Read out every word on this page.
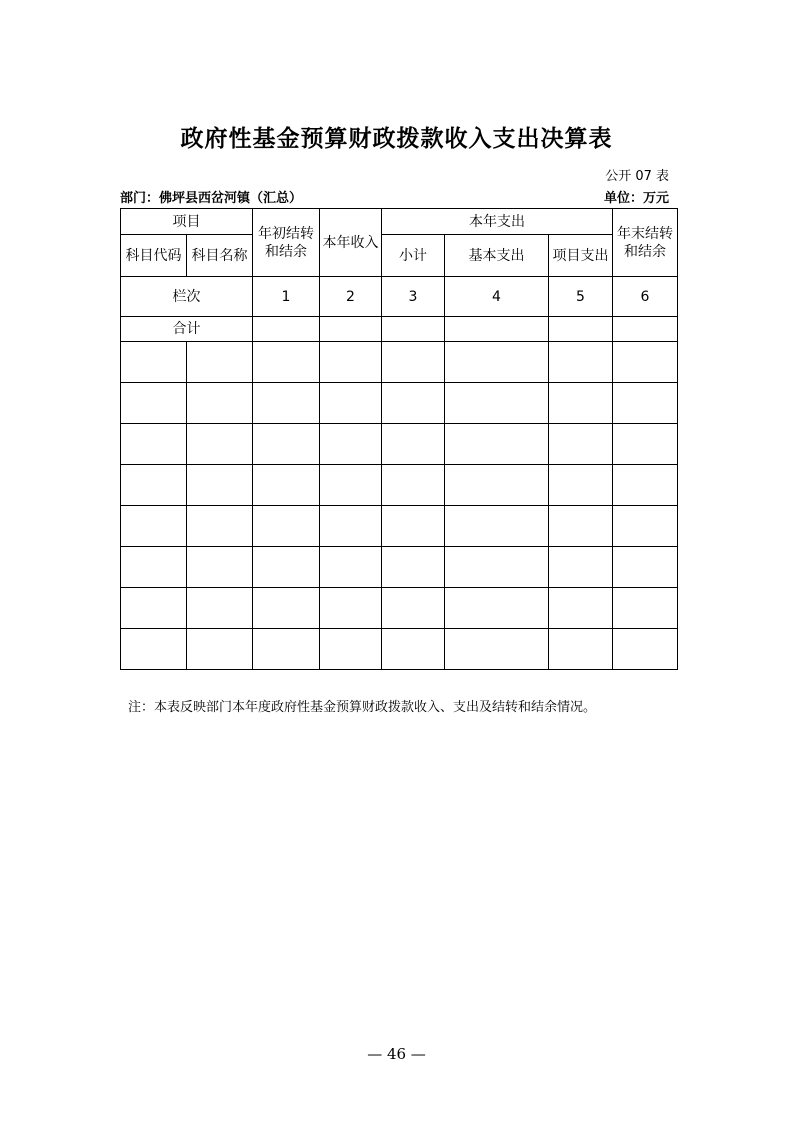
政府性基金预算财政拨款收入支出决算表
公开 07 表
部门：佛坪县西岔河镇（汇总）	单位：万元
项目		年初结转和结余	本年收入	本年支出			年末结转和结余
科目代码	科目名称			小计	基本支出	项目支出	
栏次		1	2	3	4	5	6
合计							

注：本表反映部门本年度政府性基金预算财政拨款收入、支出及结转和结余情况。
— 46 —
